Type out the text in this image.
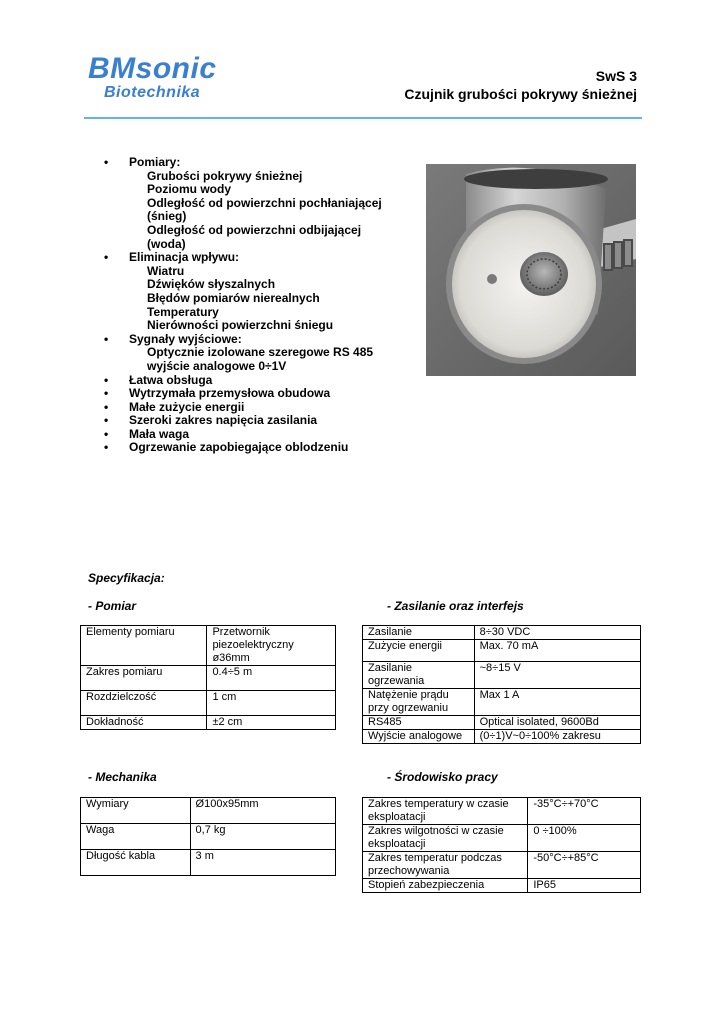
BMsonic
Biotechnika
SwS 3
Czujnik grubości pokrywy śnieżnej
• Pomiary:
Grubości pokrywy śnieżnej
Poziomu wody
Odległość od powierzchni pochłaniającej (śnieg)
Odległość od powierzchni odbijającej (woda)
• Eliminacja wpływu:
Wiatru
Dźwięków słyszalnych
Błędów pomiarów nierealnych
Temperatury
Nierówności powierzchni śniegu
• Sygnały wyjściowe:
Optycznie izolowane szeregowe RS 485
wyjście analogowe 0÷1V
• Łatwa obsługa
• Wytrzymała przemysłowa obudowa
• Małe zużycie energii
• Szeroki zakres napięcia zasilania
• Mała waga
• Ogrzewanie zapobiegające oblodzeniu
Specyfikacja:
- Pomiar	- Zasilanie oraz interfejs
Elementy pomiaru	Przetwornik piezoelektryczny ø36mm
Zakres pomiaru	0.4÷5 m
Rozdzielczość	1 cm
Dokładność	±2 cm
Zasilanie	8÷30 VDC
Zużycie energii	Max. 70 mA
Zasilanie ogrzewania	~8÷15 V
Natężenie prądu przy ogrzewaniu	Max 1 A
RS485	Optical isolated, 9600Bd
Wyjście analogowe	(0÷1)V~0÷100% zakresu
- Mechanika	- Środowisko pracy
Wymiary	Ø100x95mm
Waga	0,7 kg
Długość kabla	3 m
Zakres temperatury w czasie eksploatacji	-35°C÷+70°C
Zakres wilgotności w czasie eksploatacji	0 ÷100%
Zakres temperatur podczas przechowywania	-50°C÷+85°C
Stopień zabezpieczenia	IP65
